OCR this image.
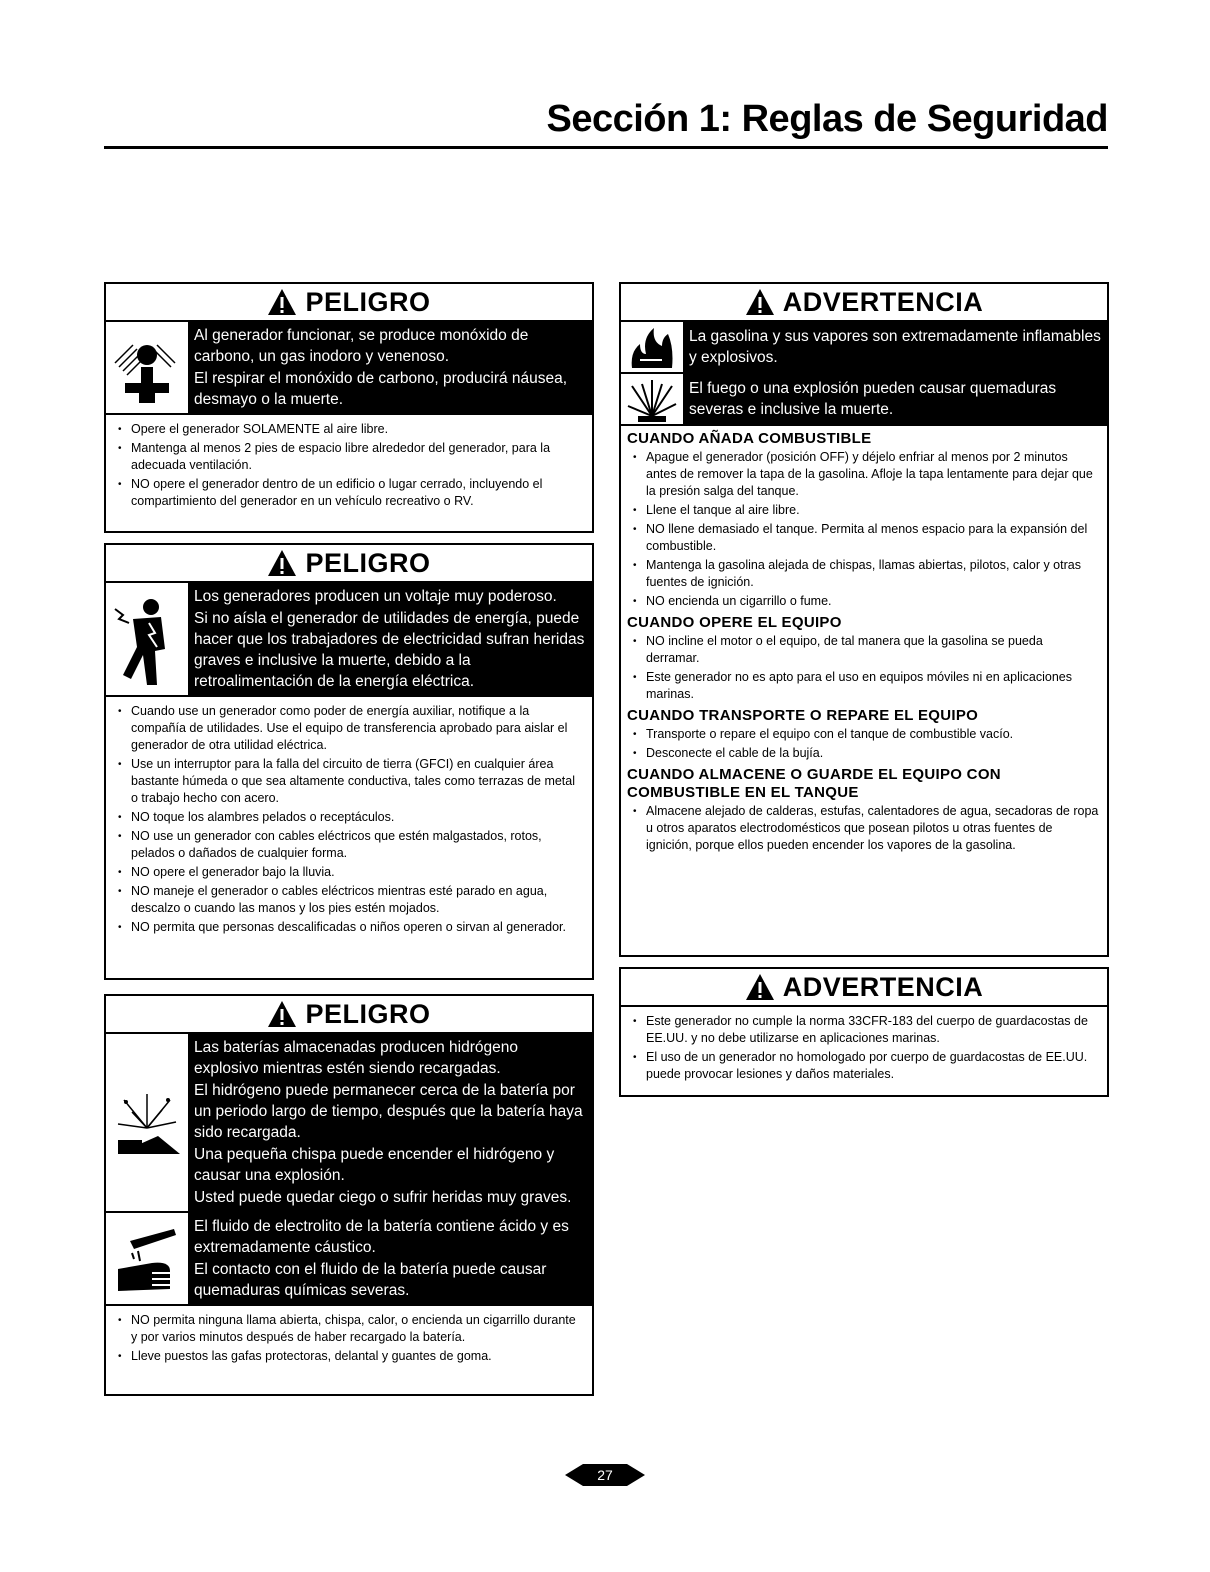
Sección 1: Reglas de Seguridad
PELIGRO

Al generador funcionar, se produce monóxido de carbono, un gas inodoro y venenoso.

El respirar el monóxido de carbono, producirá náusea, desmayo o la muerte.

• Opere el generador SOLAMENTE al aire libre.
• Mantenga al menos 2 pies de espacio libre alrededor del generador, para la adecuada ventilación.
• NO opere el generador dentro de un edificio o lugar cerrado, incluyendo el compartimiento del generador en un vehículo recreativo o RV.
PELIGRO

Los generadores producen un voltaje muy poderoso.

Si no aísla el generador de utilidades de energía, puede hacer que los trabajadores de electricidad sufran heridas graves e inclusive la muerte, debido a la retroalimentación de la energía eléctrica.

• Cuando use un generador como poder de energía auxiliar, notifique a la compañía de utilidades. Use el equipo de transferencia aprobado para aislar el generador de otra utilidad eléctrica.
• Use un interruptor para la falla del circuito de tierra (GFCI) en cualquier área bastante húmeda o que sea altamente conductiva, tales como terrazas de metal o trabajo hecho con acero.
• NO toque los alambres pelados o receptáculos.
• NO use un generador con cables eléctricos que estén malgastados, rotos, pelados o dañados de cualquier forma.
• NO opere el generador bajo la lluvia.
• NO maneje el generador o cables eléctricos mientras esté parado en agua, descalzo o cuando las manos y los pies estén mojados.
• NO permita que personas descalificadas o niños operen o sirvan al generador.
PELIGRO

Las baterías almacenadas producen hidrógeno explosivo mientras estén siendo recargadas.

El hidrógeno puede permanecer cerca de la batería por un periodo largo de tiempo, después que la batería haya sido recargada.

Una pequeña chispa puede encender el hidrógeno y causar una explosión.

Usted puede quedar ciego o sufrir heridas muy graves.

El fluido de electrolito de la batería contiene ácido y es extremadamente cáustico.

El contacto con el fluido de la batería puede causar quemaduras químicas severas.

• NO permita ninguna llama abierta, chispa, calor, o encienda un cigarrillo durante y por varios minutos después de haber recargado la batería.
• Lleve puestos las gafas protectoras, delantal y guantes de goma.
ADVERTENCIA

La gasolina y sus vapores son extremadamente inflamables y explosivos.

El fuego o una explosión pueden causar quemaduras severas e inclusive la muerte.

CUANDO AÑADA COMBUSTIBLE
• Apague el generador (posición OFF) y déjelo enfriar al menos por 2 minutos antes de remover la tapa de la gasolina. Afloje la tapa lentamente para dejar que la presión salga del tanque.
• Llene el tanque al aire libre.
• NO llene demasiado el tanque. Permita al menos espacio para la expansión del combustible.
• Mantenga la gasolina alejada de chispas, llamas abiertas, pilotos, calor y otras fuentes de ignición.
• NO encienda un cigarrillo o fume.
CUANDO OPERE EL EQUIPO
• NO incline el motor o el equipo, de tal manera que la gasolina se pueda derramar.
• Este generador no es apto para el uso en equipos móviles ni en aplicaciones marinas.
CUANDO TRANSPORTE O REPARE EL EQUIPO
• Transporte o repare el equipo con el tanque de combustible vacío.
• Desconecte el cable de la bujía.
CUANDO ALMACENE O GUARDE EL EQUIPO CON COMBUSTIBLE EN EL TANQUE
• Almacene alejado de calderas, estufas, calentadores de agua, secadoras de ropa u otros aparatos electrodomésticos que posean pilotos u otras fuentes de ignición, porque ellos pueden encender los vapores de la gasolina.
ADVERTENCIA
• Este generador no cumple la norma 33CFR-183 del cuerpo de guardacostas de EE.UU. y no debe utilizarse en aplicaciones marinas.
• El uso de un generador no homologado por cuerpo de guardacostas de EE.UU. puede provocar lesiones y daños materiales.
27
